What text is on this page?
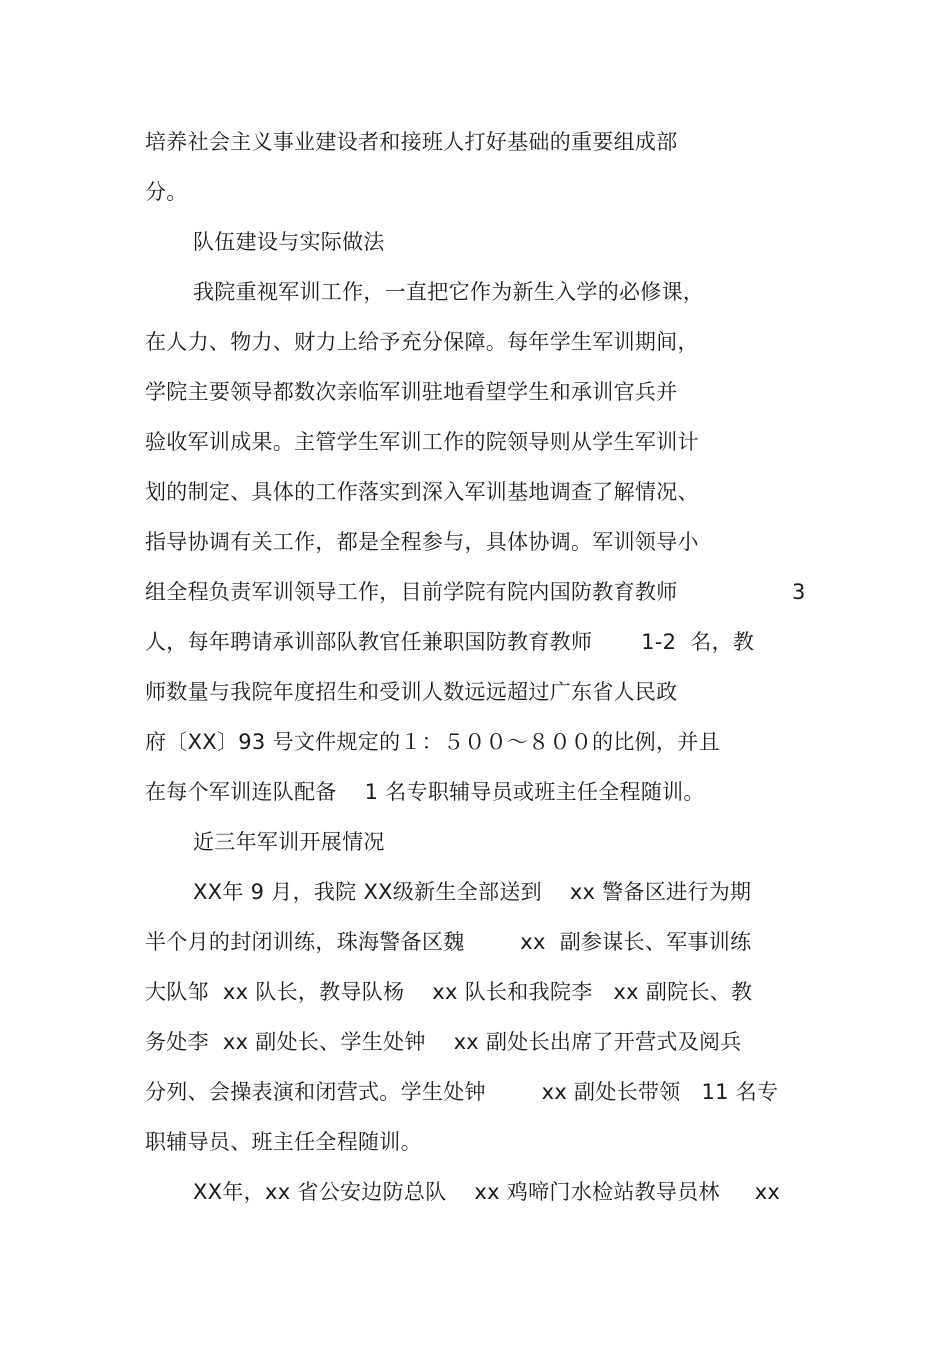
培养社会主义事业建设者和接班人打好基础的重要组成部
分。
队伍建设与实际做法
我院重视军训工作，一直把它作为新生入学的必修课，
在人力、物力、财力上给予充分保障。每年学生军训期间，
学院主要领导都数次亲临军训驻地看望学生和承训官兵并
验收军训成果。主管学生军训工作的院领导则从学生军训计
划的制定、具体的工作落实到深入军训基地调查了解情况、
指导协调有关工作，都是全程参与，具体协调。军训领导小
组全程负责军训领导工作，目前学院有院内国防教育教师	3
人，每年聘请承训部队教官任兼职国防教育教师       1-2  名，教
师数量与我院年度招生和受训人数远远超过广东省人民政
府〔XX〕93 号文件规定的１：５００～８００的比例，并且
在每个军训连队配备    1 名专职辅导员或班主任全程随训。
近三年军训开展情况
XX年 9 月，我院 XX级新生全部送到    xx 警备区进行为期
半个月的封闭训练，珠海警备区魏        xx  副参谋长、军事训练
大队邹  xx 队长，教导队杨    xx 队长和我院李   xx 副院长、教
务处李  xx 副处长、学生处钟    xx 副处长出席了开营式及阅兵
分列、会操表演和闭营式。学生处钟        xx 副处长带领   11 名专
职辅导员、班主任全程随训。
XX年，xx 省公安边防总队    xx 鸡啼门水检站教导员林     xx
